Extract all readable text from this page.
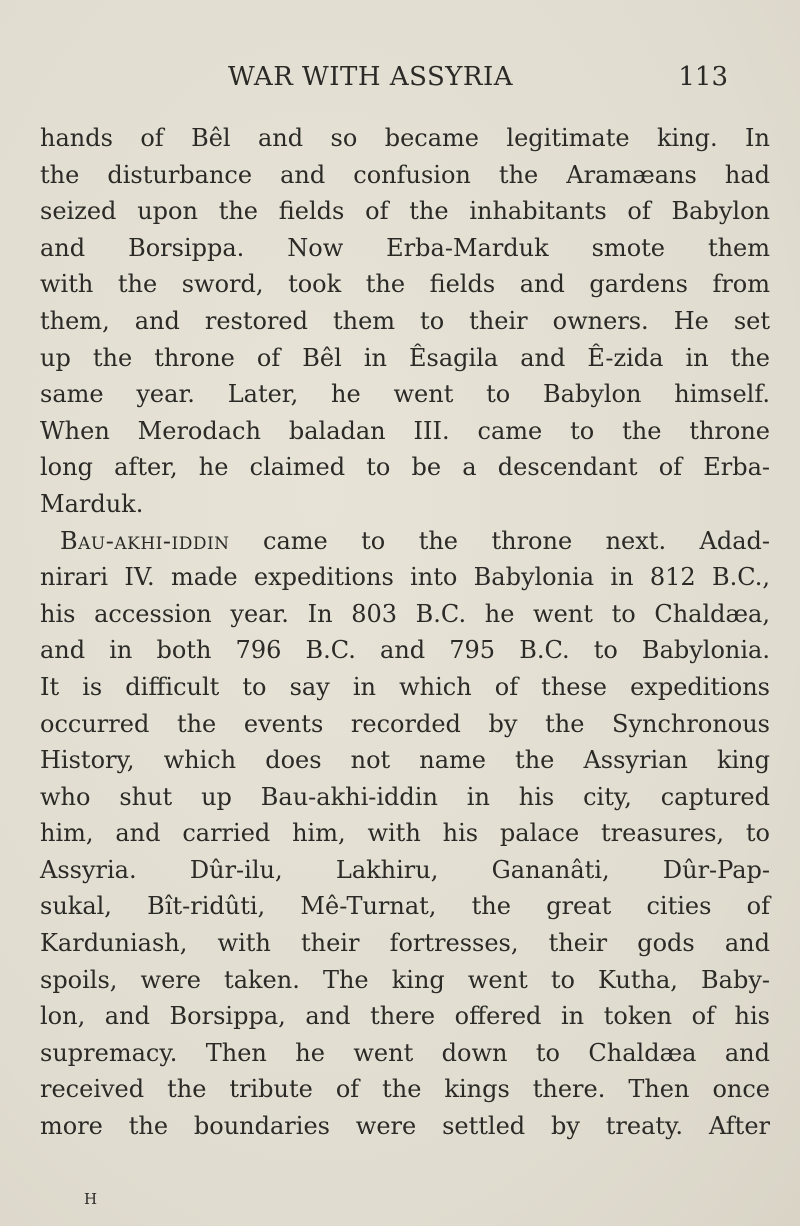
WAR WITH ASSYRIA	113
hands of Bêl and so became legitimate king. In
the disturbance and confusion the Aramæans had
seized upon the fields of the inhabitants of Babylon
and Borsippa. Now Erba-Marduk smote them
with the sword, took the fields and gardens from
them, and restored them to their owners. He set
up the throne of Bêl in Êsagila and Ê-zida in the
same year. Later, he went to Babylon himself.
When Merodach baladan III. came to the throne
long after, he claimed to be a descendant of Erba-
Marduk.
Bau-akhi-iddin came to the throne next. Adad-
nirari IV. made expeditions into Babylonia in 812 B.C.,
his accession year. In 803 B.C. he went to Chaldæa,
and in both 796 B.C. and 795 B.C. to Babylonia.
It is difficult to say in which of these expeditions
occurred the events recorded by the Synchronous
History, which does not name the Assyrian king
who shut up Bau-akhi-iddin in his city, captured
him, and carried him, with his palace treasures, to
Assyria. Dûr-ilu, Lakhiru, Gananâti, Dûr-Pap-
sukal, Bît-ridûti, Mê-Turnat, the great cities of
Karduniash, with their fortresses, their gods and
spoils, were taken. The king went to Kutha, Baby-
lon, and Borsippa, and there offered in token of his
supremacy. Then he went down to Chaldæa and
received the tribute of the kings there. Then once
more the boundaries were settled by treaty. After
H
